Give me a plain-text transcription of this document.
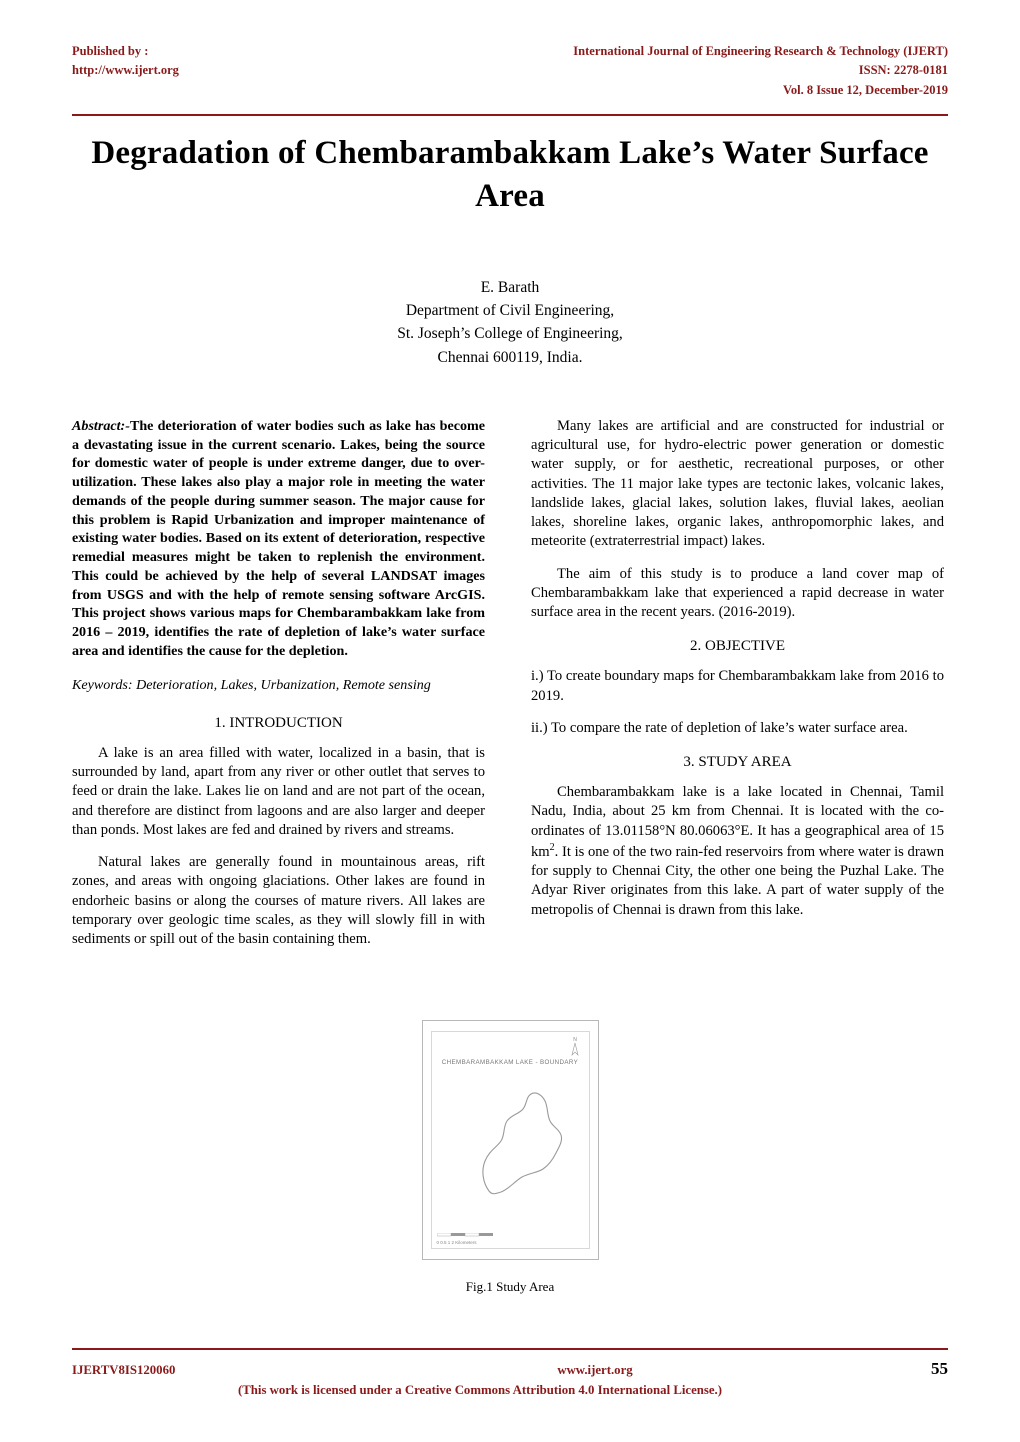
Published by :
http://www.ijert.org
International Journal of Engineering Research & Technology (IJERT)
ISSN: 2278-0181
Vol. 8 Issue 12, December-2019
Degradation of Chembarambakkam Lake’s Water Surface Area
E. Barath
Department of Civil Engineering,
St. Joseph’s College of Engineering,
Chennai 600119, India.

Abstract:-The deterioration of water bodies such as lake has become a devastating issue in the current scenario. Lakes, being the source for domestic water of people is under extreme danger, due to over-utilization. These lakes also play a major role in meeting the water demands of the people during summer season. The major cause for this problem is Rapid Urbanization and improper maintenance of existing water bodies. Based on its extent of deterioration, respective remedial measures might be taken to replenish the environment. This could be achieved by the help of several LANDSAT images from USGS and with the help of remote sensing software ArcGIS. This project shows various maps for Chembarambakkam lake from 2016 – 2019, identifies the rate of depletion of lake’s water surface area and identifies the cause for the depletion.

Keywords: Deterioration, Lakes, Urbanization, Remote sensing
1. INTRODUCTION

A lake is an area filled with water, localized in a basin, that is surrounded by land, apart from any river or other outlet that serves to feed or drain the lake. Lakes lie on land and are not part of the ocean, and therefore are distinct from lagoons and are also larger and deeper than ponds. Most lakes are fed and drained by rivers and streams.

Natural lakes are generally found in mountainous areas, rift zones, and areas with ongoing glaciations. Other lakes are found in endorheic basins or along the courses of mature rivers. All lakes are temporary over geologic time scales, as they will slowly fill in with sediments or spill out of the basin containing them.

Many lakes are artificial and are constructed for industrial or agricultural use, for hydro-electric power generation or domestic water supply, or for aesthetic, recreational purposes, or other activities. The 11 major lake types are tectonic lakes, volcanic lakes, landslide lakes, glacial lakes, solution lakes, fluvial lakes, aeolian lakes, shoreline lakes, organic lakes, anthropomorphic lakes, and meteorite (extraterrestrial impact) lakes.

The aim of this study is to produce a land cover map of Chembarambakkam lake that experienced a rapid decrease in water surface area in the recent years. (2016-2019).

2. OBJECTIVE

i.) To create boundary maps for Chembarambakkam lake from 2016 to 2019.

ii.) To compare the rate of depletion of lake’s water surface area.

3. STUDY AREA

Chembarambakkam lake is a lake located in Chennai, Tamil Nadu, India, about 25 km from Chennai. It is located with the co-ordinates of 13.01158°N 80.06063°E. It has a geographical area of 15 $km^2$. It is one of the two rain-fed reservoirs from where water is drawn for supply to Chennai City, the other one being the Puzhal Lake. The Adyar River originates from this lake. A part of water supply of the metropolis of Chennai is drawn from this lake.

CHEMBARAMBAKKAM LAKE - BOUNDARY
N
0 0.5 1 2 Kilometers
Fig.1 Study Area
IJERTV8IS120060	www.ijert.org	55
(This work is licensed under a Creative Commons Attribution 4.0 International License.)
